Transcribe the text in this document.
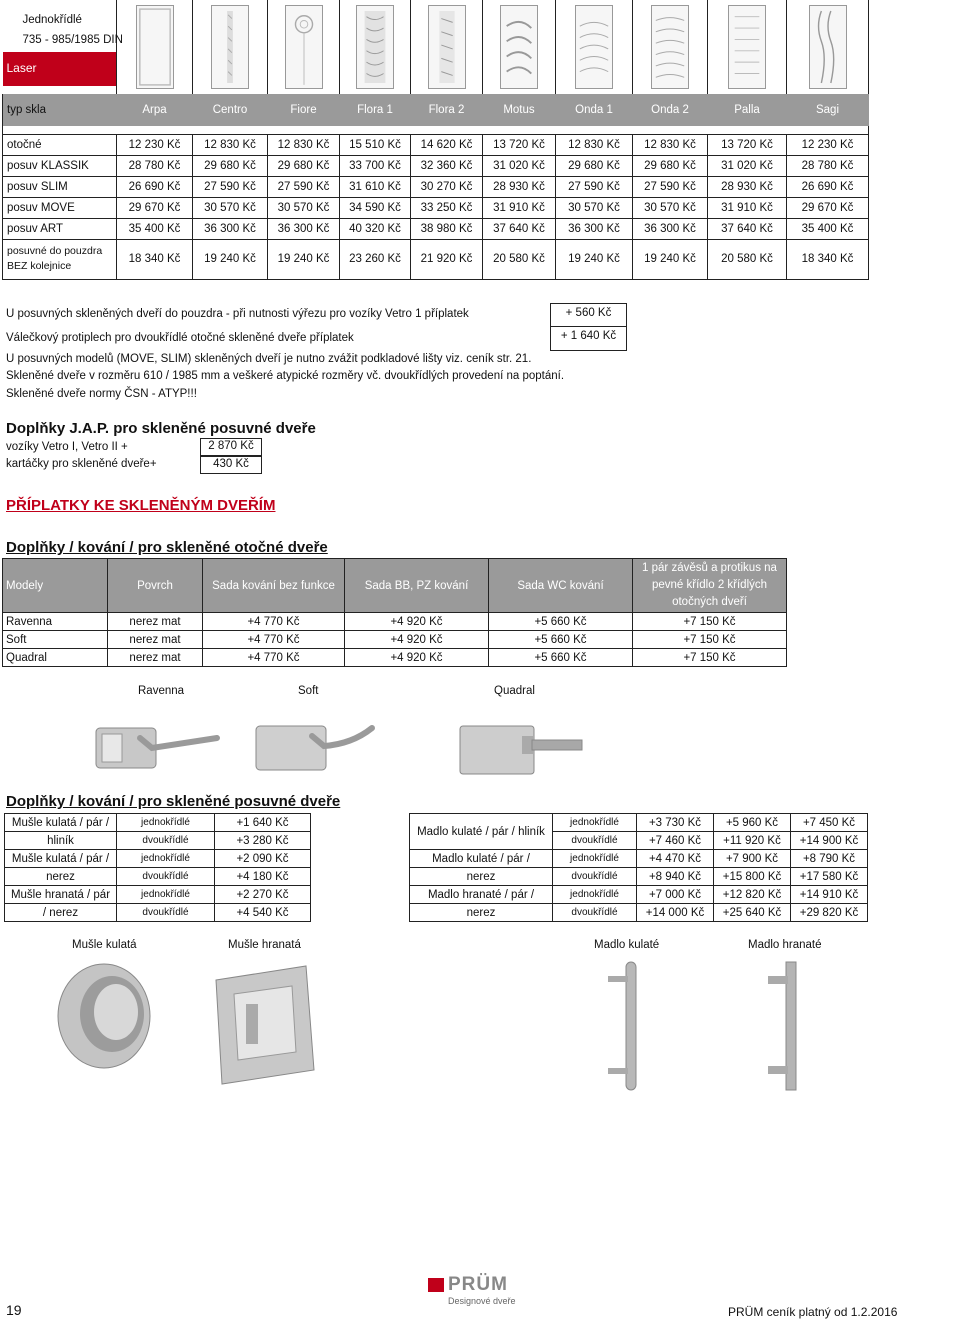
Jednokřídlé
735 - 985/1985 DIN
Laser

typ skla	Arpa	Centro	Fiore	Flora 1	Flora 2	Motus	Onda 1	Onda 2	Palla	Sagi

otočné	12 230 Kč	12 830 Kč	12 830 Kč	15 510 Kč	14 620 Kč	13 720 Kč	12 830 Kč	12 830 Kč	13 720 Kč	12 230 Kč
posuv KLASSIK	28 780 Kč	29 680 Kč	29 680 Kč	33 700 Kč	32 360 Kč	31 020 Kč	29 680 Kč	29 680 Kč	31 020 Kč	28 780 Kč
posuv SLIM	26 690 Kč	27 590 Kč	27 590 Kč	31 610 Kč	30 270 Kč	28 930 Kč	27 590 Kč	27 590 Kč	28 930 Kč	26 690 Kč
posuv MOVE	29 670 Kč	30 570 Kč	30 570 Kč	34 590 Kč	33 250 Kč	31 910 Kč	30 570 Kč	30 570 Kč	31 910 Kč	29 670 Kč
posuv ART	35 400 Kč	36 300 Kč	36 300 Kč	40 320 Kč	38 980 Kč	37 640 Kč	36 300 Kč	36 300 Kč	37 640 Kč	35 400 Kč

posuvné do pouzdra
BEZ kolejnice	18 340 Kč	19 240 Kč	19 240 Kč	23 260 Kč	21 920 Kč	20 580 Kč	19 240 Kč	19 240 Kč	20 580 Kč	18 340 Kč
U posuvných skleněných dveří do pouzdra - při nutnosti výřezu pro vozíky Vetro 1 příplatek	+ 560 Kč
Válečkový protiplech pro dvoukřídlé otočné skleněné dveře příplatek	+ 1 640 Kč
U posuvných modelů (MOVE, SLIM) skleněných dveří je nutno zvážit podkladové lišty viz. ceník str. 21.
Skleněné dveře v rozměru 610 / 1985 mm a veškeré atypické rozměry vč. dvoukřídlých provedení na poptání.
Skleněné dveře normy ČSN - ATYP!!!
Doplňky J.A.P. pro skleněné posuvné dveře
vozíky Vetro I, Vetro II +	2 870 Kč
kartáčky pro skleněné dveře+	430 Kč
PŘÍPLATKY KE SKLENĚNÝM DVEŘÍM
Doplňky / kování / pro skleněné otočné dveře
Modely	Povrch	Sada kování bez funkce	Sada BB, PZ kování	Sada WC kování	1 pár závěsů a protikus na
pevné křídlo 2 křídlých
otočných dveří

Ravenna	nerez mat	+4 770 Kč	+4 920 Kč	+5 660 Kč	+7 150 Kč
Soft	nerez mat	+4 770 Kč	+4 920 Kč	+5 660 Kč	+7 150 Kč
Quadral	nerez mat	+4 770 Kč	+4 920 Kč	+5 660 Kč	+7 150 Kč
Ravenna	Soft	Quadral
Doplňky / kování / pro skleněné posuvné dveře
Mušle kulatá / pár /	jednokřídlé	+1 640 Kč
hliník	dvoukřídlé	+3 280 Kč
Mušle kulatá / pár /	jednokřídlé	+2 090 Kč
nerez	dvoukřídlé	+4 180 Kč
Mušle hranatá / pár	jednokřídlé	+2 270 Kč
/ nerez	dvoukřídlé	+4 540 Kč
Madlo kulaté / pár / hliník	jednokřídlé	+3 730 Kč	+5 960 Kč	+7 450 Kč
	dvoukřídlé	+7 460 Kč	+11 920 Kč	+14 900 Kč
Madlo kulaté / pár /	jednokřídlé	+4 470 Kč	+7 900 Kč	+8 790 Kč
nerez	dvoukřídlé	+8 940 Kč	+15 800 Kč	+17 580 Kč
Madlo hranaté / pár /	jednokřídlé	+7 000 Kč	+12 820 Kč	+14 910 Kč
nerez	dvoukřídlé	+14 000 Kč	+25 640 Kč	+29 820 Kč
Mušle kulatá	Mušle hranatá	Madlo kulaté	Madlo hranaté
19
PRÜM
Designové dveře
PRÜM ceník platný od 1.2.2016
